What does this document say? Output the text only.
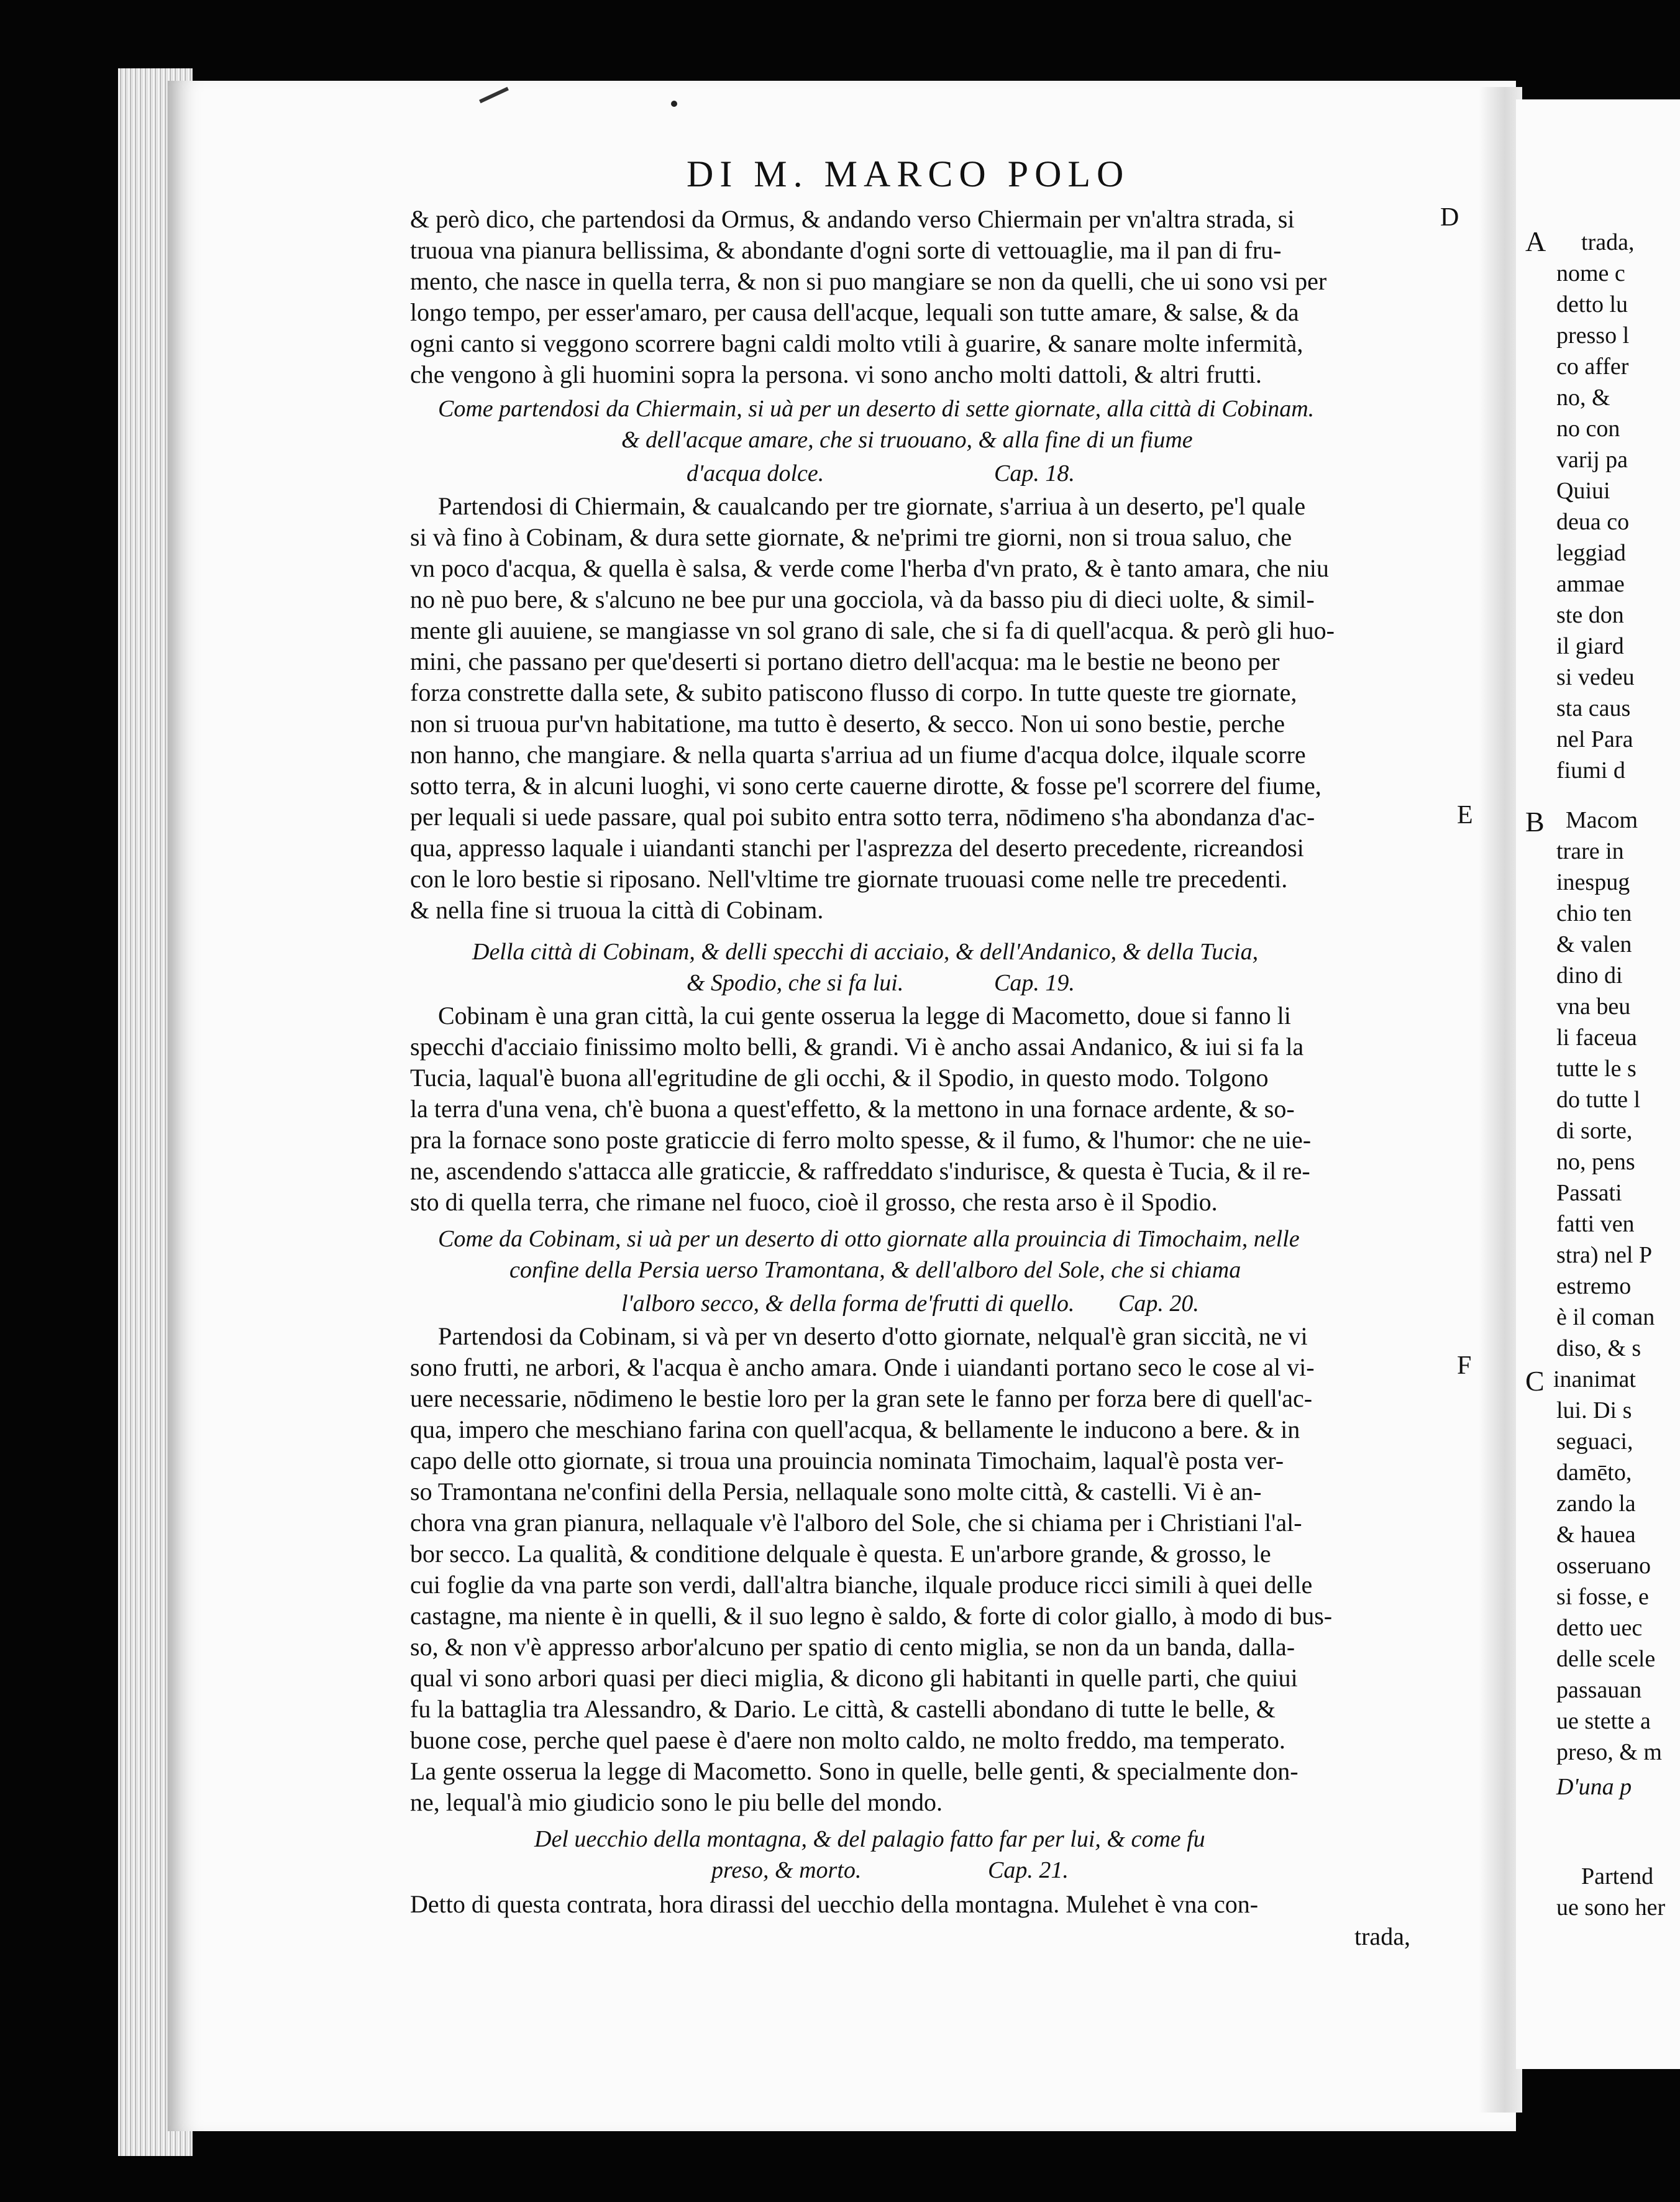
DI M. MARCO POLO
& però dico, che partendosi da Ormus, & andando verso Chiermain per vn'altra strada, si	D
truoua vna pianura bellissima, & abondante d'ogni sorte di vettouaglie, ma il pan di fru-
mento, che nasce in quella terra, & non si puo mangiare se non da quelli, che ui sono vsi per
longo tempo, per esser'amaro, per causa dell'acque, lequali son tutte amare, & salse, & da
ogni canto si veggono scorrere bagni caldi molto vtili à guarire, & sanare molte infermità,
che vengono à gli huomini sopra la persona. vi sono ancho molti dattoli, & altri frutti.
Come partendosi da Chiermain, si uà per un deserto di sette giornate, alla città di Cobinam.
& dell'acque amare, che si truouano, & alla fine di un fiume
d'acqua dolce.	Cap. 18.
Partendosi di Chiermain, & caualcando per tre giornate, s'arriua à un deserto, pe'l quale
si và fino à Cobinam, & dura sette giornate, & ne'primi tre giorni, non si troua saluo, che
vn poco d'acqua, & quella è salsa, & verde come l'herba d'vn prato, & è tanto amara, che niu
no nè puo bere, & s'alcuno ne bee pur una gocciola, và da basso piu di dieci uolte, & simil-
mente gli auuiene, se mangiasse vn sol grano di sale, che si fa di quell'acqua. & però gli huo-
mini, che passano per que'deserti si portano dietro dell'acqua: ma le bestie ne beono per
forza constrette dalla sete, & subito patiscono flusso di corpo. In tutte queste tre giornate,
non si truoua pur'vn habitatione, ma tutto è deserto, & secco. Non ui sono bestie, perche
non hanno, che mangiare. & nella quarta s'arriua ad un fiume d'acqua dolce, ilquale scorre
sotto terra, & in alcuni luoghi, vi sono certe cauerne dirotte, & fosse pe'l scorrere del fiume,
per lequali si uede passare, qual poi subito entra sotto terra, nōdimeno s'ha abondanza d'ac-	E
qua, appresso laquale i uiandanti stanchi per l'asprezza del deserto precedente, ricreandosi
con le loro bestie si riposano. Nell'vltime tre giornate truouasi come nelle tre precedenti.
& nella fine si truoua la città di Cobinam.
Della città di Cobinam, & delli specchi di acciaio, & dell'Andanico, & della Tucia,
& Spodio, che si fa lui.	Cap. 19.
Cobinam è una gran città, la cui gente osserua la legge di Macometto, doue si fanno li
specchi d'acciaio finissimo molto belli, & grandi. Vi è ancho assai Andanico, & iui si fa la
Tucia, laqual'è buona all'egritudine de gli occhi, & il Spodio, in questo modo. Tolgono
la terra d'una vena, ch'è buona a quest'effetto, & la mettono in una fornace ardente, & so-
pra la fornace sono poste graticcie di ferro molto spesse, & il fumo, & l'humor: che ne uie-
ne, ascendendo s'attacca alle graticcie, & raffreddato s'indurisce, & questa è Tucia, & il re-
sto di quella terra, che rimane nel fuoco, cioè il grosso, che resta arso è il Spodio.
Come da Cobinam, si uà per un deserto di otto giornate alla prouincia di Timochaim, nelle
confine della Persia uerso Tramontana, & dell'alboro del Sole, che si chiama
l'alboro secco, & della forma de'frutti di quello. Cap. 20.
Partendosi da Cobinam, si và per vn deserto d'otto giornate, nelqual'è gran siccità, ne vi
sono frutti, ne arbori, & l'acqua è ancho amara. Onde i uiandanti portano seco le cose al vi-	F
uere necessarie, nōdimeno le bestie loro per la gran sete le fanno per forza bere di quell'ac-
qua, impero che meschiano farina con quell'acqua, & bellamente le inducono a bere. & in
capo delle otto giornate, si troua una prouincia nominata Timochaim, laqual'è posta ver-
so Tramontana ne'confini della Persia, nellaquale sono molte città, & castelli. Vi è an-
chora vna gran pianura, nellaquale v'è l'alboro del Sole, che si chiama per i Christiani l'al-
bor secco. La qualità, & conditione delquale è questa. E un'arbore grande, & grosso, le
cui foglie da vna parte son verdi, dall'altra bianche, ilquale produce ricci simili à quei delle
castagne, ma niente è in quelli, & il suo legno è saldo, & forte di color giallo, à modo di bus-
so, & non v'è appresso arbor'alcuno per spatio di cento miglia, se non da un banda, dalla-
qual vi sono arbori quasi per dieci miglia, & dicono gli habitanti in quelle parti, che quiui
fu la battaglia tra Alessandro, & Dario. Le città, & castelli abondano di tutte le belle, &
buone cose, perche quel paese è d'aere non molto caldo, ne molto freddo, ma temperato.
La gente osserua la legge di Macometto. Sono in quelle, belle genti, & specialmente don-
ne, lequal'à mio giudicio sono le piu belle del mondo.
Del uecchio della montagna, & del palagio fatto far per lui, & come fu
preso, & morto.	Cap. 21.
Detto di questa contrata, hora dirassi del uecchio della montagna. Mulehet è vna con-
trada,
A
B
C
trada,
nome c
detto lu
presso l
co affer
no, &
no con
varij pa
Quiui
deua co
leggiad
ammae
ste don
il giard
si vedeu
sta caus
nel Para
fiumi d
Macom
trare in
inespug
chio ten
& valen
dino di
vna beu
li faceua
tutte le s
do tutte l
di sorte,
no, pens
Passati
fatti ven
stra) nel P
estremo
è il coman
diso, & s
inanimat
lui. Di s
seguaci,
damēto,
zando la
& hauea
osseruano
si fosse, e
detto uec
delle scele
passauan
ue stette a
preso, & m
D'una p
Partend
ue sono her
